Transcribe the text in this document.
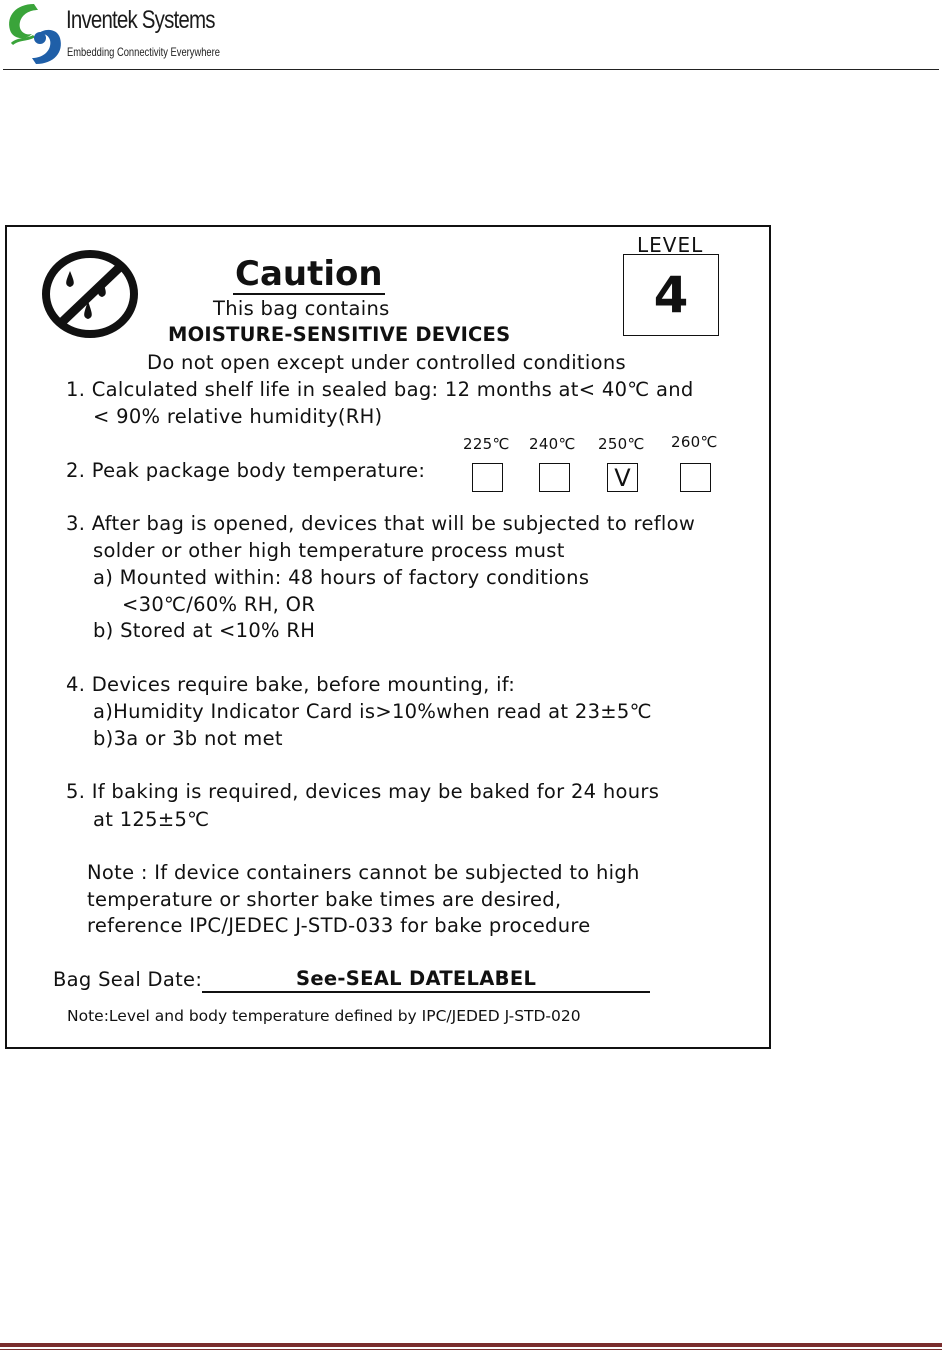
Inventek Systems
Embedding Connectivity Everywhere
LEVEL
4
Caution
This bag contains
MOISTURE-SENSITIVE DEVICES
Do not open except under controlled conditions
1. Calculated shelf life in sealed bag: 12 months at< 40℃ and
< 90% relative humidity(RH)
225℃ 240℃ 250℃ 260℃
2. Peak package body temperature:	V
3. After bag is opened, devices that will be subjected to reflow
solder or other high temperature process must
a) Mounted within: 48 hours of factory conditions
<30℃/60% RH, OR
b) Stored at <10% RH
4. Devices require bake, before mounting, if:
a)Humidity Indicator Card is>10%when read at 23±5℃
b)3a or 3b not met
5. If baking is required, devices may be baked for 24 hours
at 125±5℃
Note : If device containers cannot be subjected to high
temperature or shorter bake times are desired,
reference IPC/JEDEC J-STD-033 for bake procedure
Bag Seal Date:	See-SEAL DATELABEL
Note:Level and body temperature defined by IPC/JEDED J-STD-020
